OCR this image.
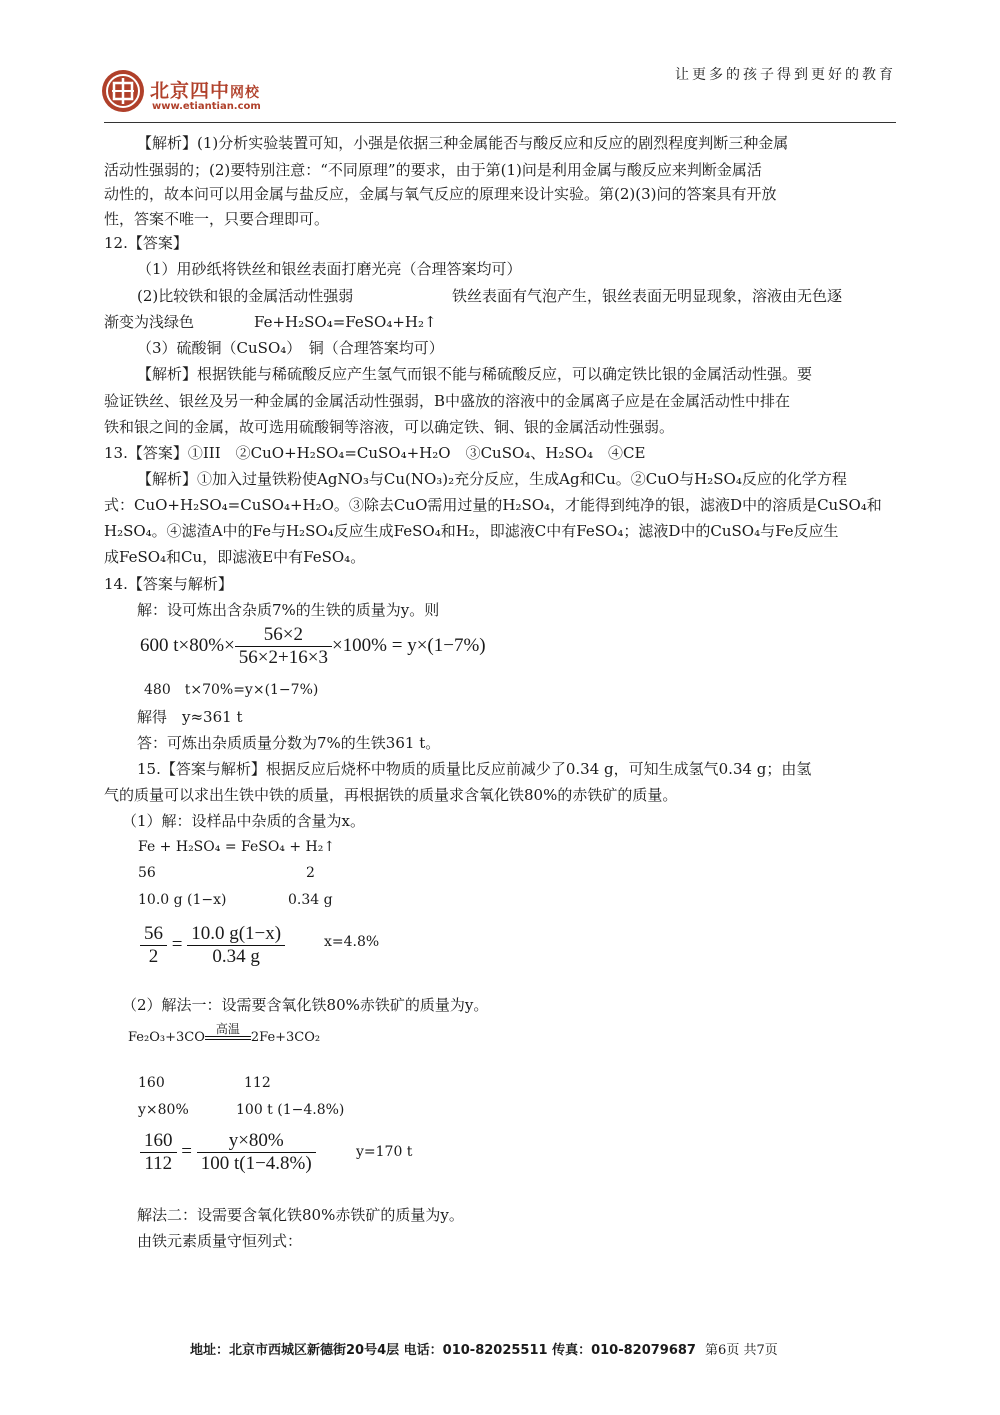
北京四中网校
www.etiantian.com
让更多的孩子得到更好的教育
【解析】(1)分析实验装置可知，小强是依据三种金属能否与酸反应和反应的剧烈程度判断三种金属
活动性强弱的；(2)要特别注意：“不同原理”的要求，由于第(1)问是利用金属与酸反应来判断金属活
动性的，故本问可以用金属与盐反应，金属与氧气反应的原理来设计实验。第(2)(3)问的答案具有开放
性，答案不唯一，只要合理即可。
12.【答案】
（1）用砂纸将铁丝和银丝表面打磨光亮（合理答案均可）
(2)比较铁和银的金属活动性强弱	铁丝表面有气泡产生，银丝表面无明显现象，溶液由无色逐
渐变为浅绿色	Fe+H₂SO₄=FeSO₄+H₂↑
（3）硫酸铜（CuSO₄）　铜（合理答案均可）
【解析】根据铁能与稀硫酸反应产生氢气而银不能与稀硫酸反应，可以确定铁比银的金属活动性强。要
验证铁丝、银丝及另一种金属的金属活动性强弱，B中盛放的溶液中的金属离子应是在金属活动性中排在
铁和银之间的金属，故可选用硫酸铜等溶液，可以确定铁、铜、银的金属活动性强弱。
13.【答案】①III　②CuO+H₂SO₄=CuSO₄+H₂O　③CuSO₄、H₂SO₄　④CE
【解析】①加入过量铁粉使AgNO₃与Cu(NO₃)₂充分反应，生成Ag和Cu。②CuO与H₂SO₄反应的化学方程
式：CuO+H₂SO₄=CuSO₄+H₂O。③除去CuO需用过量的H₂SO₄，才能得到纯净的银，滤液D中的溶质是CuSO₄和
H₂SO₄。④滤渣A中的Fe与H₂SO₄反应生成FeSO₄和H₂，即滤液C中有FeSO₄；滤液D中的CuSO₄与Fe反应生
成FeSO₄和Cu，即滤液E中有FeSO₄。
14.【答案与解析】
解：设可炼出含杂质7%的生铁的质量为y。则
600 $t\times 80\%\times \frac{56\times 2}{56\times 2+16\times 3} \times 100\% = y\times(1-7\%)$
480　t×70%=y×(1−7%)
解得　y≈361 t
答：可炼出杂质质量分数为7%的生铁361 t。
15.【答案与解析】根据反应后烧杯中物质的质量比反应前减少了0.34 g，可知生成氢气0.34 g；由氢
气的质量可以求出生铁中铁的质量，再根据铁的质量求含氧化铁80%的赤铁矿的质量。
（1）解：设样品中杂质的含量为x。
Fe + H₂SO₄ = FeSO₄ + H₂↑
56	2
10.0 g (1−x)	0.34 g
$\frac{56}{2} = \frac{10.0 g(1-x)}{0.34 g}$	x=4.8%
（2）解法一：设需要含氧化铁80%赤铁矿的质量为y。
Fe₂O₃+3CO
高温
2Fe+3CO₂
160	112
y×80%	100 t (1−4.8%)
$\frac{160}{112} = \frac{y\times 80\%}{100 t(1-4.8\%)}$	y=170 t
解法二：设需要含氧化铁80%赤铁矿的质量为y。
由铁元素质量守恒列式：
地址：北京市西城区新德街20号4层 电话：010-82025511 传真：010-82079687 第6页 共7页
